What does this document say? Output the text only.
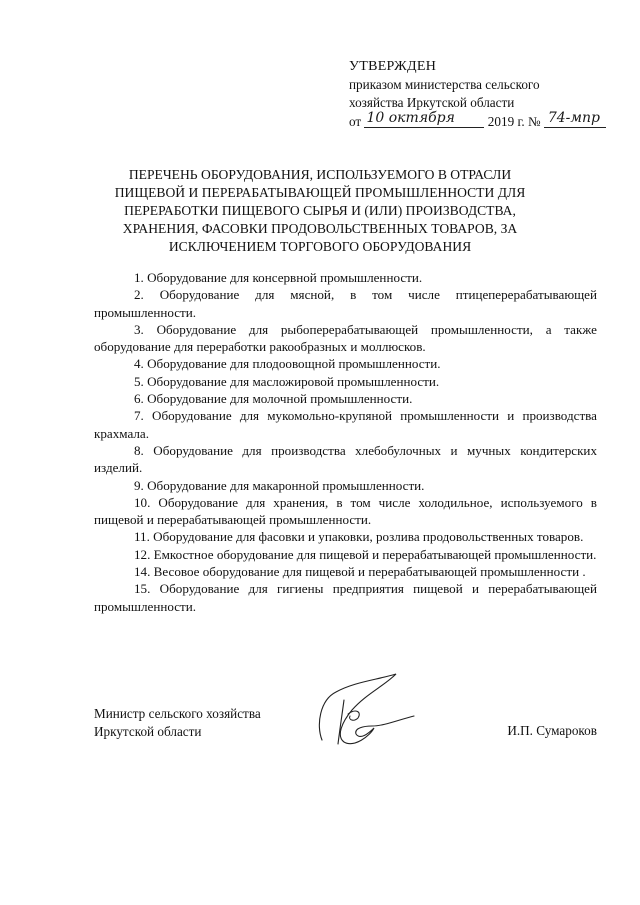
УТВЕРЖДЕН
приказом министерства сельского
хозяйства Иркутской области
от 10 октября 2019 г. № 74-мпр
ПЕРЕЧЕНЬ ОБОРУДОВАНИЯ, ИСПОЛЬЗУЕМОГО В ОТРАСЛИ
ПИЩЕВОЙ И ПЕРЕРАБАТЫВАЮЩЕЙ ПРОМЫШЛЕННОСТИ ДЛЯ
ПЕРЕРАБОТКИ ПИЩЕВОГО СЫРЬЯ И (ИЛИ) ПРОИЗВОДСТВА,
ХРАНЕНИЯ, ФАСОВКИ ПРОДОВОЛЬСТВЕННЫХ ТОВАРОВ, ЗА
ИСКЛЮЧЕНИЕМ ТОРГОВОГО ОБОРУДОВАНИЯ

1. Оборудование для консервной промышленности.

2. Оборудование для мясной, в том числе птицеперерабатывающей промышленности.

3. Оборудование для рыбоперерабатывающей промышленности, а также оборудование для переработки ракообразных и моллюсков.

4. Оборудование для плодоовощной промышленности.

5. Оборудование для масложировой промышленности.

6. Оборудование для молочной промышленности.

7. Оборудование для мукомольно-крупяной промышленности и производства крахмала.

8. Оборудование для производства хлебобулочных и мучных кондитерских изделий.

9. Оборудование для макаронной промышленности.

10. Оборудование для хранения, в том числе холодильное, используемого в пищевой и перерабатывающей промышленности.

11. Оборудование для фасовки и упаковки, розлива продовольственных товаров.

12. Емкостное оборудование для пищевой и перерабатывающей промышленности.

14. Весовое оборудование для пищевой и перерабатывающей промышленности .

15. Оборудование для гигиены предприятия пищевой и перерабатывающей промышленности.

Министр сельского хозяйства
Иркутской области	И.П. Сумароков
